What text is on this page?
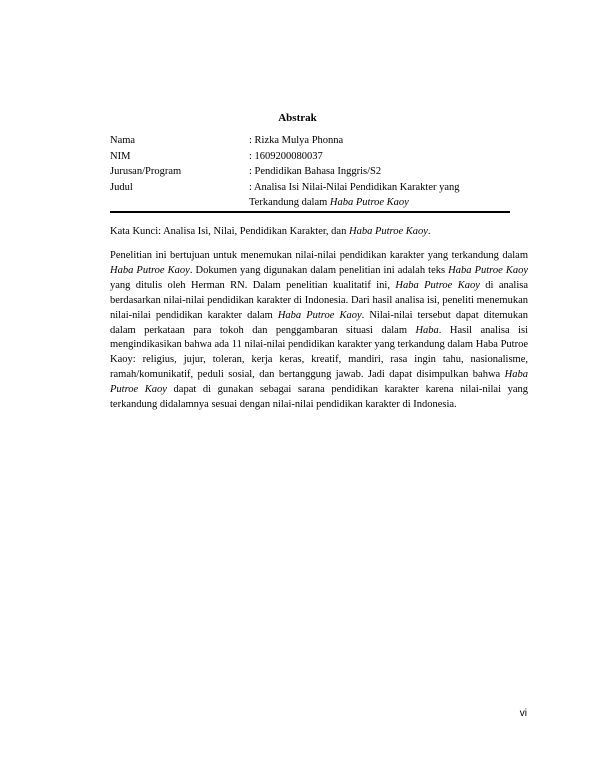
Abstrak
Nama	: Rizka Mulya Phonna
NIM	: 1609200080037
Jurusan/Program	: Pendidikan Bahasa Inggris/S2
Judul	: Analisa Isi Nilai-Nilai Pendidikan Karakter yang
Terkandung dalam Haba Putroe Kaoy
Kata Kunci: Analisa Isi, Nilai, Pendidikan Karakter, dan Haba Putroe Kaoy.
Penelitian ini bertujuan untuk menemukan nilai-nilai pendidikan karakter yang terkandung dalam Haba Putroe Kaoy. Dokumen yang digunakan dalam penelitian ini adalah teks Haba Putroe Kaoy yang ditulis oleh Herman RN. Dalam penelitian kualitatif ini, Haba Putroe Kaoy di analisa berdasarkan nilai-nilai pendidikan karakter di Indonesia. Dari hasil analisa isi, peneliti menemukan nilai-nilai pendidikan karakter dalam Haba Putroe Kaoy. Nilai-nilai tersebut dapat ditemukan dalam perkataan para tokoh dan penggambaran situasi dalam Haba. Hasil analisa isi mengindikasikan bahwa ada 11 nilai-nilai pendidikan karakter yang terkandung dalam Haba Putroe Kaoy: religius, jujur, toleran, kerja keras, kreatif, mandiri, rasa ingin tahu, nasionalisme, ramah/komunikatif, peduli sosial, dan bertanggung jawab. Jadi dapat disimpulkan bahwa Haba Putroe Kaoy dapat di gunakan sebagai sarana pendidikan karakter karena nilai-nilai yang terkandung didalamnya sesuai dengan nilai-nilai pendidikan karakter di Indonesia.
vi
